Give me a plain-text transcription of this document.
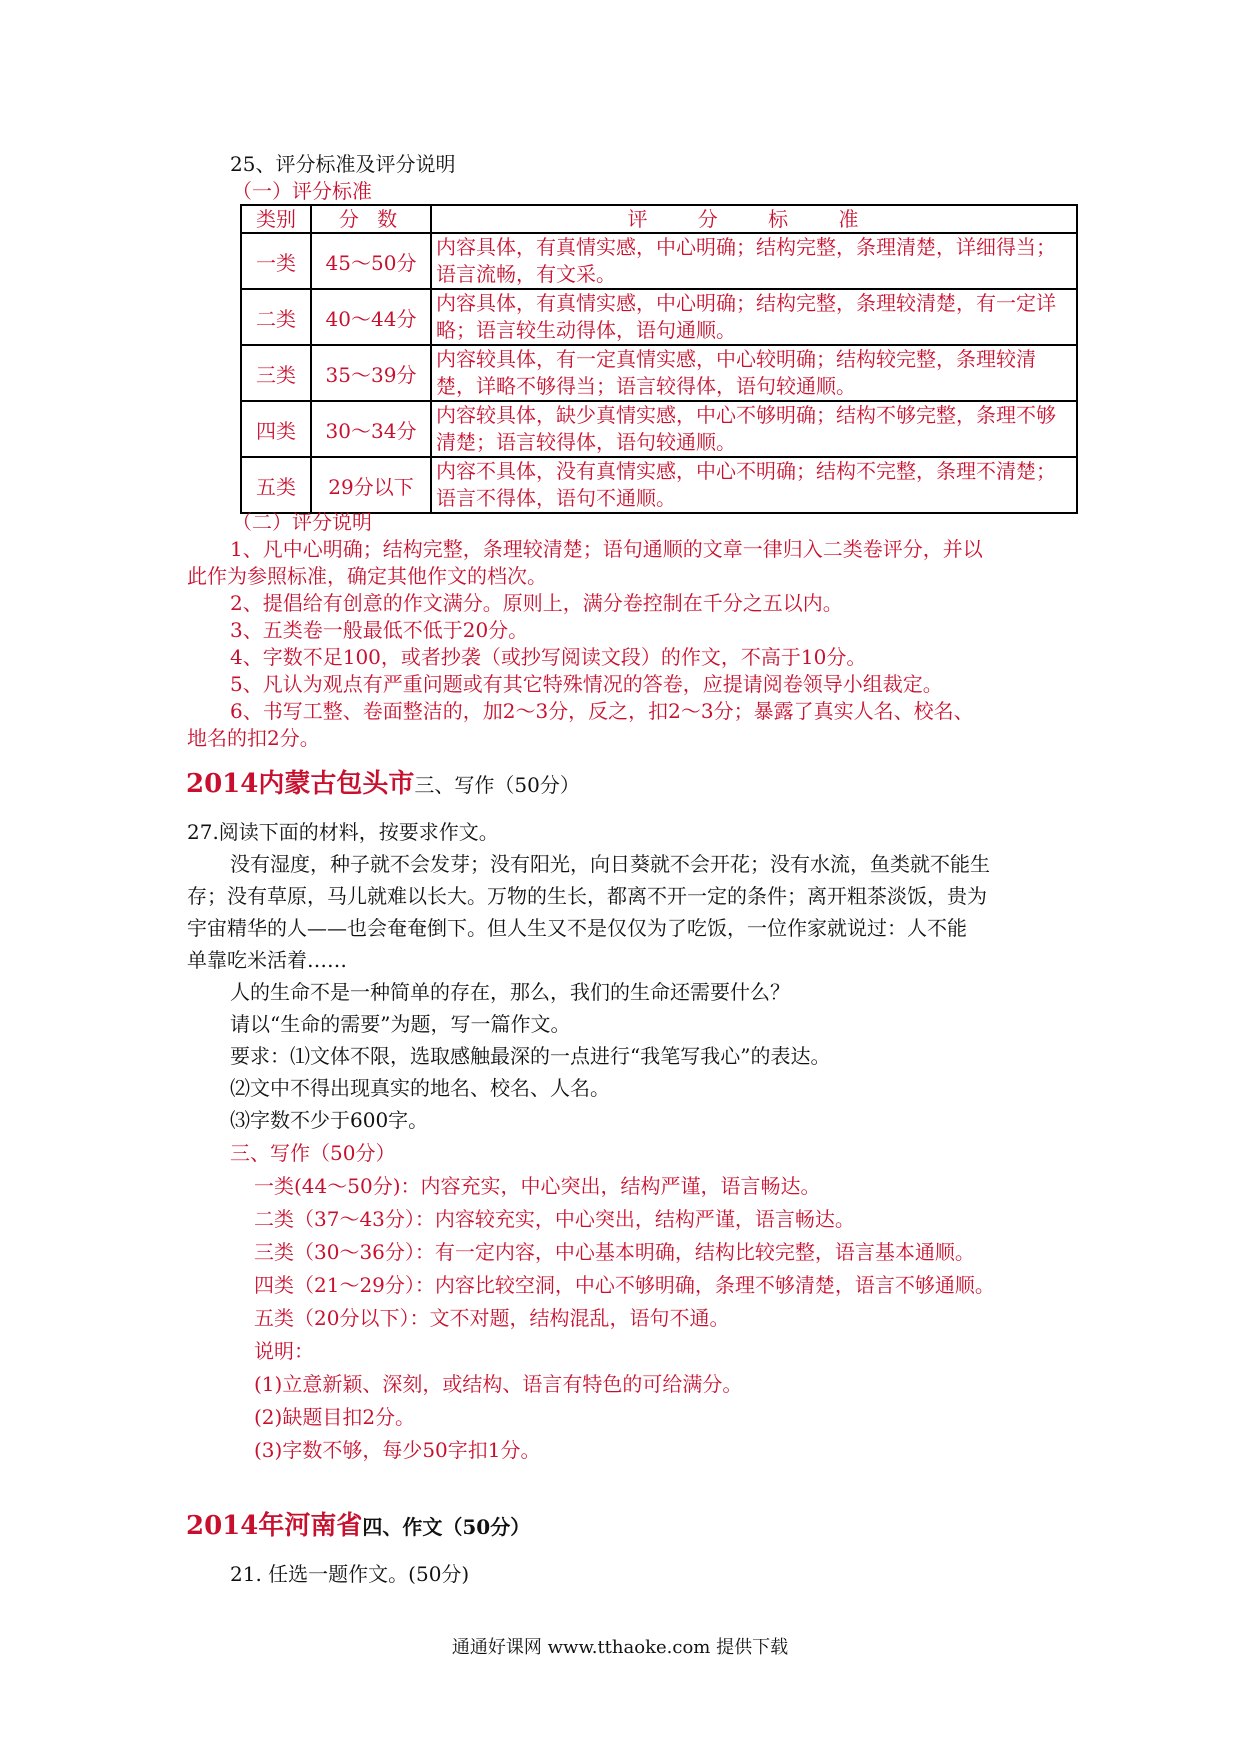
25、评分标准及评分说明
（一）评分标准
类别	分 数	评 分 标 准
一类	45～50分	内容具体，有真情实感，中心明确；结构完整，条理清楚，详细得当；语言流畅，有文采。
二类	40～44分	内容具体，有真情实感，中心明确；结构完整，条理较清楚，有一定详略；语言较生动得体，语句通顺。
三类	35～39分	内容较具体，有一定真情实感，中心较明确；结构较完整，条理较清楚，详略不够得当；语言较得体，语句较通顺。
四类	30～34分	内容较具体，缺少真情实感，中心不够明确；结构不够完整，条理不够清楚；语言较得体，语句较通顺。
五类	29分以下	内容不具体，没有真情实感，中心不明确；结构不完整，条理不清楚；语言不得体，语句不通顺。
（二）评分说明
1、凡中心明确；结构完整，条理较清楚；语句通顺的文章一律归入二类卷评分，并以
此作为参照标准，确定其他作文的档次。
2、提倡给有创意的作文满分。原则上，满分卷控制在千分之五以内。
3、五类卷一般最低不低于20分。
4、字数不足100，或者抄袭（或抄写阅读文段）的作文，不高于10分。
5、凡认为观点有严重问题或有其它特殊情况的答卷，应提请阅卷领导小组裁定。
6、书写工整、卷面整洁的，加2～3分，反之，扣2～3分；暴露了真实人名、校名、
地名的扣2分。
2014内蒙古包头市三、写作（50分）
27.阅读下面的材料，按要求作文。
没有湿度，种子就不会发芽；没有阳光，向日葵就不会开花；没有水流，鱼类就不能生
存；没有草原，马儿就难以长大。万物的生长，都离不开一定的条件；离开粗茶淡饭，贵为
宇宙精华的人——也会奄奄倒下。但人生又不是仅仅为了吃饭，一位作家就说过：人不能
单靠吃米活着……
人的生命不是一种简单的存在，那么，我们的生命还需要什么？
请以“生命的需要”为题，写一篇作文。
要求：⑴文体不限，选取感触最深的一点进行“我笔写我心”的表达。
⑵文中不得出现真实的地名、校名、人名。
⑶字数不少于600字。
三、写作（50分）
一类(44～50分)：内容充实，中心突出，结构严谨，语言畅达。
二类（37～43分）：内容较充实，中心突出，结构严谨，语言畅达。
三类（30～36分）：有一定内容，中心基本明确，结构比较完整，语言基本通顺。
四类（21～29分）：内容比较空洞，中心不够明确，条理不够清楚，语言不够通顺。
五类（20分以下）：文不对题，结构混乱，语句不通。
说明：
(1)立意新颖、深刻，或结构、语言有特色的可给满分。
(2)缺题目扣2分。
(3)字数不够，每少50字扣1分。
2014年河南省四、作文（50分）
21. 任选一题作文。(50分)
通通好课网 www.tthaoke.com 提供下载
